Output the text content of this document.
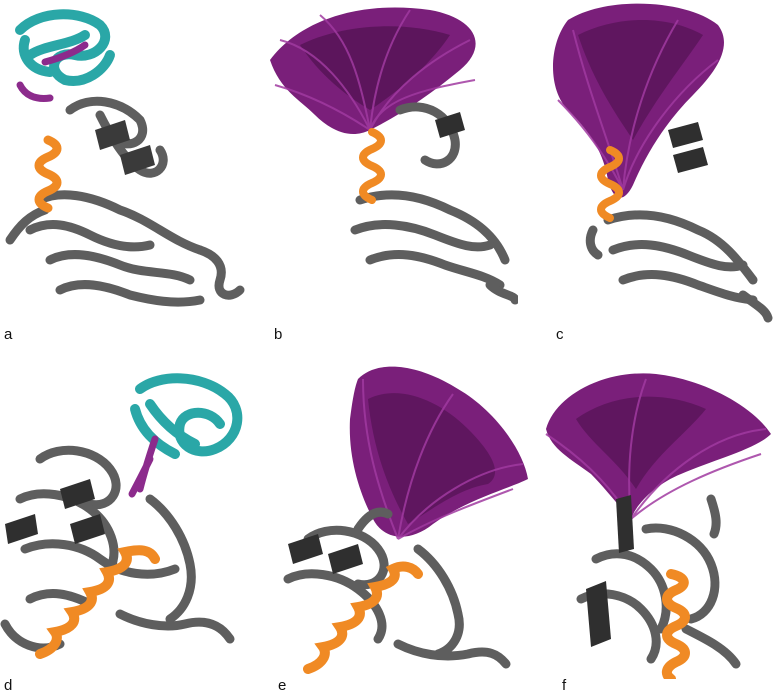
a	b	c
d	e	f
